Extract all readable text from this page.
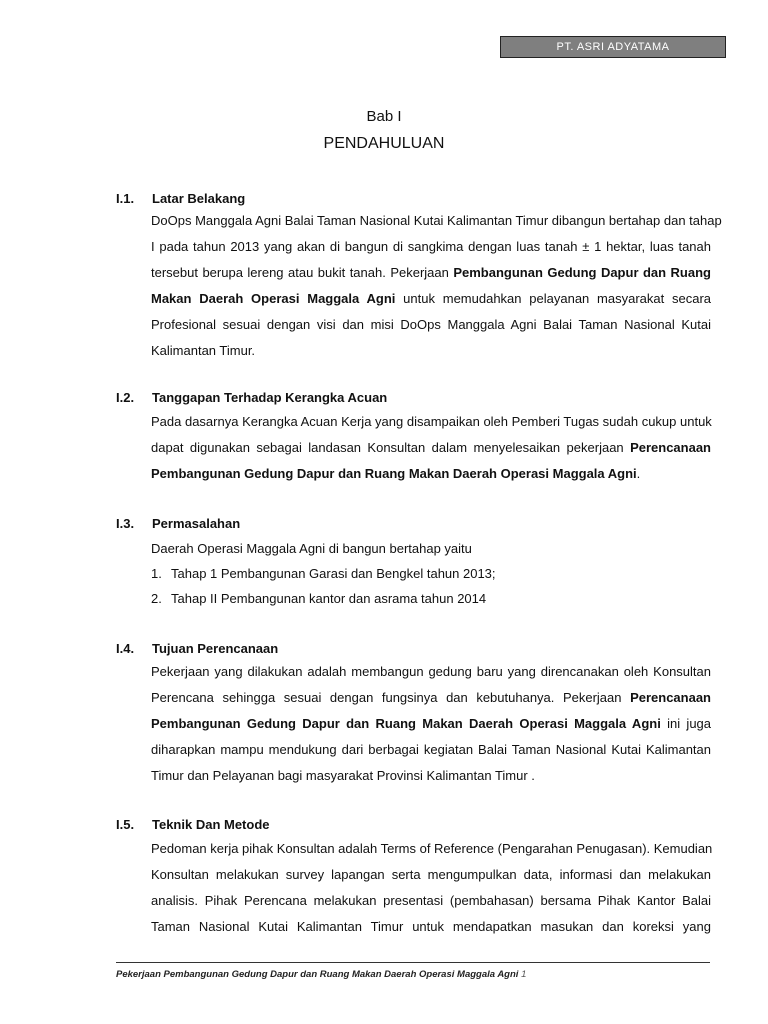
PT. ASRI ADYATAMA
Bab I
PENDAHULUAN
I.1. Latar Belakang
DoOps Manggala Agni Balai Taman Nasional Kutai Kalimantan Timur dibangun bertahap dan tahap
I pada tahun 2013 yang akan di bangun di sangkima dengan luas tanah ± 1 hektar, luas tanah
tersebut berupa lereng atau bukit tanah. Pekerjaan Pembangunan Gedung Dapur dan Ruang
Makan Daerah Operasi Maggala Agni untuk memudahkan pelayanan masyarakat secara
Profesional sesuai dengan visi dan misi DoOps Manggala Agni Balai Taman Nasional Kutai
Kalimantan Timur.
I.2. Tanggapan Terhadap Kerangka Acuan
Pada dasarnya Kerangka Acuan Kerja yang disampaikan oleh Pemberi Tugas sudah cukup untuk
dapat digunakan sebagai landasan Konsultan dalam menyelesaikan pekerjaan Perencanaan
Pembangunan Gedung Dapur dan Ruang Makan Daerah Operasi Maggala Agni.
I.3. Permasalahan
Daerah Operasi Maggala Agni di bangun bertahap yaitu
1. Tahap 1 Pembangunan Garasi dan Bengkel tahun 2013;
2. Tahap II Pembangunan kantor dan asrama tahun 2014
I.4. Tujuan Perencanaan
Pekerjaan yang dilakukan adalah membangun gedung baru yang direncanakan oleh Konsultan
Perencana sehingga sesuai dengan fungsinya dan kebutuhanya. Pekerjaan Perencanaan
Pembangunan Gedung Dapur dan Ruang Makan Daerah Operasi Maggala Agni ini juga
diharapkan mampu mendukung dari berbagai kegiatan Balai Taman Nasional Kutai Kalimantan
Timur dan Pelayanan bagi masyarakat Provinsi Kalimantan Timur .
I.5. Teknik Dan Metode
Pedoman kerja pihak Konsultan adalah Terms of Reference (Pengarahan Penugasan). Kemudian
Konsultan melakukan survey lapangan serta mengumpulkan data, informasi dan melakukan
analisis. Pihak Perencana melakukan presentasi (pembahasan) bersama Pihak Kantor Balai
Taman Nasional Kutai Kalimantan Timur untuk mendapatkan masukan dan koreksi yang
Pekerjaan Pembangunan Gedung Dapur dan Ruang Makan Daerah Operasi Maggala Agni 1
